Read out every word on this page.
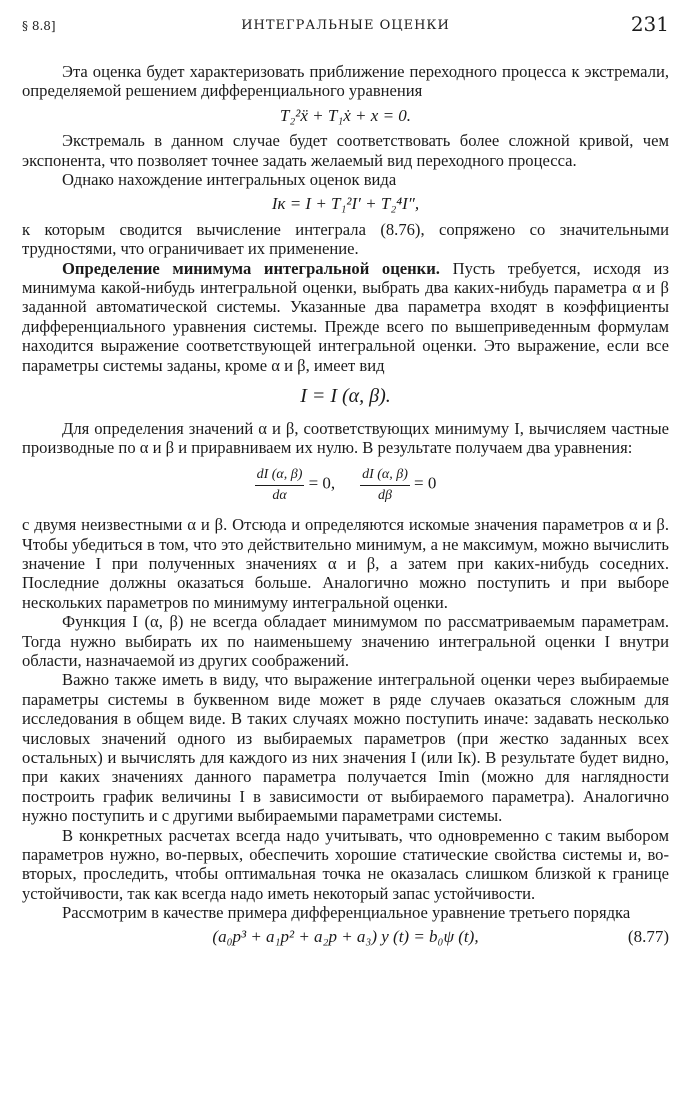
§ 8.8]	ИНТЕГРАЛЬНЫЕ ОЦЕНКИ	231

Эта оценка будет характеризовать приближение переходного процесса к экстремали, определяемой решением дифференциального уравнения

T₂²ẍ + T₁ẋ + x = 0.

Экстремаль в данном случае будет соответствовать более сложной кривой, чем экспонента, что позволяет точнее задать желаемый вид переходного процесса.

Однако нахождение интегральных оценок вида

Iк = I + T₁²I′ + T₂⁴I″,

к которым сводится вычисление интеграла (8.76), сопряжено со значительными трудностями, что ограничивает их применение.

Определение минимума интегральной оценки. Пусть требуется, исходя из минимума какой-нибудь интегральной оценки, выбрать два каких-нибудь параметра α и β заданной автоматической системы. Указанные два параметра входят в коэффициенты дифференциального уравнения системы. Прежде всего по вышеприведенным формулам находится выражение соответствующей интегральной оценки. Это выражение, если все параметры системы заданы, кроме α и β, имеет вид

I = I (α, β).

Для определения значений α и β, соответствующих минимуму I, вычисляем частные производные по α и β и приравниваем их нулю. В результате получаем два уравнения:

$\frac{dI (\alpha, \beta)}{d\alpha} = 0$, $\frac{dI (\alpha, \beta)}{d\beta} = 0$

с двумя неизвестными α и β. Отсюда и определяются искомые значения параметров α и β. Чтобы убедиться в том, что это действительно минимум, а не максимум, можно вычислить значение I при полученных значениях α и β, а затем при каких-нибудь соседних. Последние должны оказаться больше. Аналогично можно поступить и при выборе нескольких параметров по минимуму интегральной оценки.

Функция I (α, β) не всегда обладает минимумом по рассматриваемым параметрам. Тогда нужно выбирать их по наименьшему значению интегральной оценки I внутри области, назначаемой из других соображений.

Важно также иметь в виду, что выражение интегральной оценки через выбираемые параметры системы в буквенном виде может в ряде случаев оказаться сложным для исследования в общем виде. В таких случаях можно поступить иначе: задавать несколько числовых значений одного из выбираемых параметров (при жестко заданных всех остальных) и вычислять для каждого из них значения I (или Iк). В результате будет видно, при каких значениях данного параметра получается Imin (можно для наглядности построить график величины I в зависимости от выбираемого параметра). Аналогично нужно поступить и с другими выбираемыми параметрами системы.

В конкретных расчетах всегда надо учитывать, что одновременно с таким выбором параметров нужно, во-первых, обеспечить хорошие статические свойства системы и, во-вторых, проследить, чтобы оптимальная точка не оказалась слишком близкой к границе устойчивости, так как всегда надо иметь некоторый запас устойчивости.

Рассмотрим в качестве примера дифференциальное уравнение третьего порядка

(a₀p³ + a₁p² + a₂p + a₃) y (t) = b₀ψ (t),	(8.77)
